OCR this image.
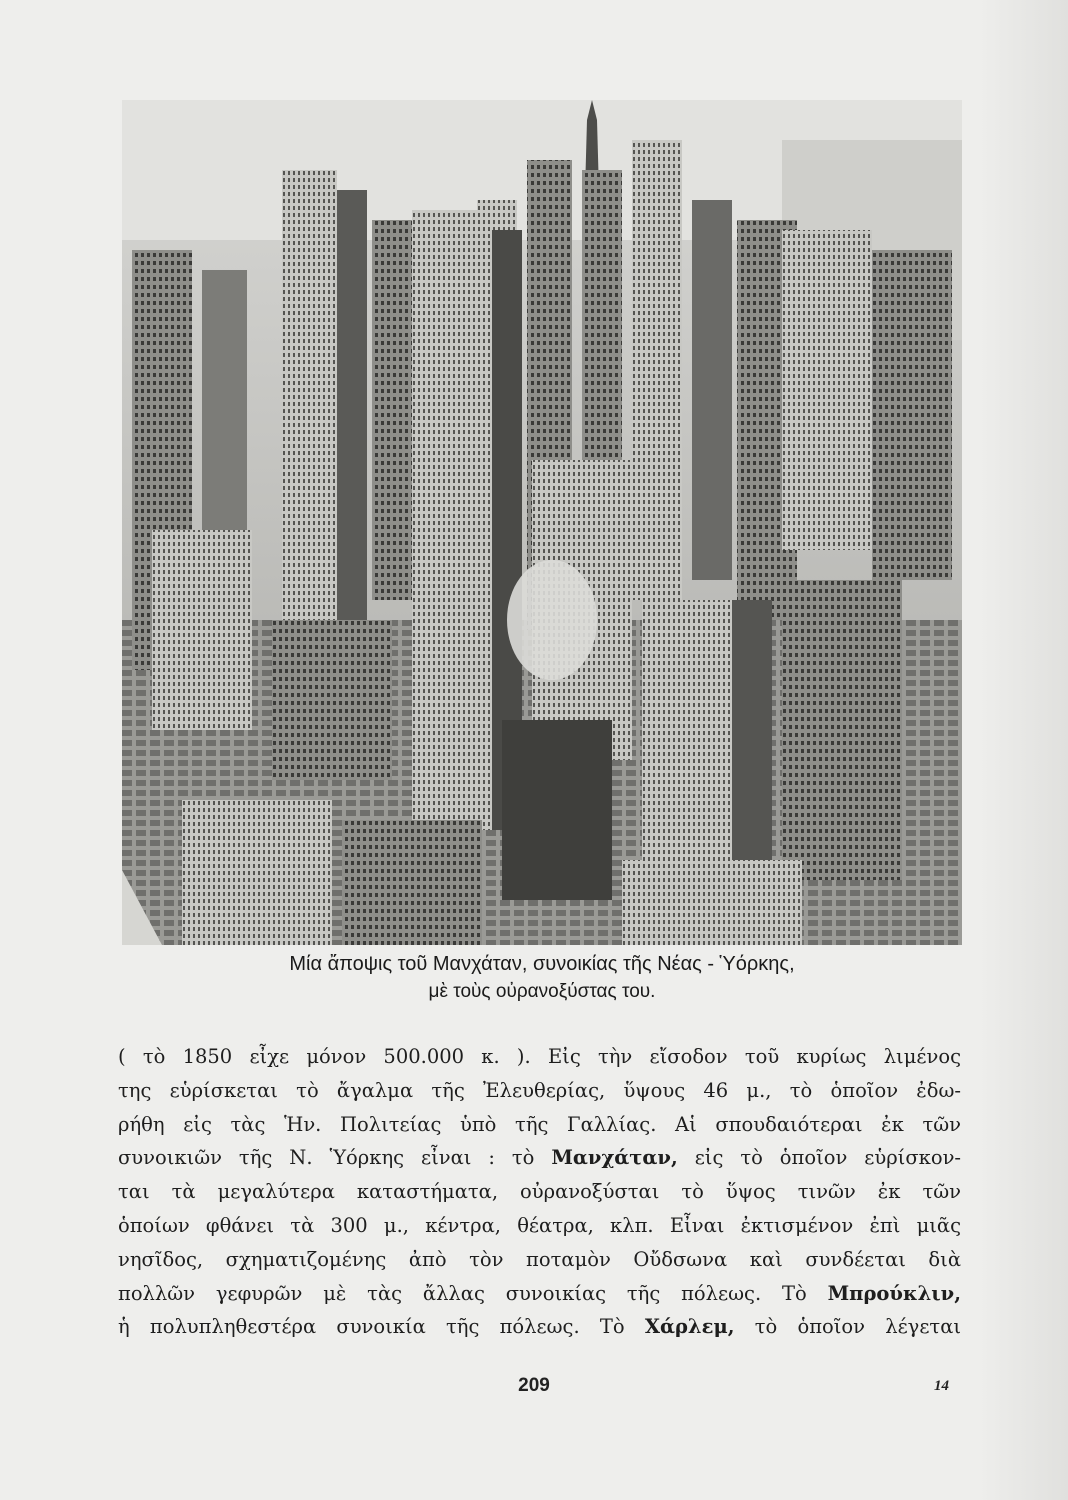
Μία ἄποψις τοῦ Μανχάταν, συνοικίας τῆς Νέας - Ὑόρκης,
μὲ τοὺς οὐρανοξύστας του.
( τὸ 1850 εἶχε μόνον 500.000 κ. ). Εἰς τὴν εἴσοδον τοῦ κυρίως λιμένος
της εὑρίσκεται τὸ ἄγαλμα τῆς Ἐλευθερίας, ὕψους 46 μ., τὸ ὁποῖον ἐδω-
ρήθη εἰς τὰς Ἡν. Πολιτείας ὑπὸ τῆς Γαλλίας. Αἱ σπουδαιότεραι ἐκ τῶν
συνοικιῶν τῆς Ν. Ὑόρκης εἶναι : τὸ Μανχάταν, εἰς τὸ ὁποῖον εὑρίσκον-
ται τὰ μεγαλύτερα καταστήματα, οὐρανοξύσται τὸ ὕψος τινῶν ἐκ τῶν
ὁποίων φθάνει τὰ 300 μ., κέντρα, θέατρα, κλπ. Εἶναι ἐκτισμένον ἐπὶ μιᾶς
νησῖδος, σχηματιζομένης ἀπὸ τὸν ποταμὸν Οὔδσωνα καὶ συνδέεται διὰ
πολλῶν γεφυρῶν μὲ τὰς ἄλλας συνοικίας τῆς πόλεως. Τὸ Μπρούκλιν,
ἡ πολυπληθεστέρα συνοικία τῆς πόλεως. Τὸ Χάρλεμ, τὸ ὁποῖον λέγεται
209	14
